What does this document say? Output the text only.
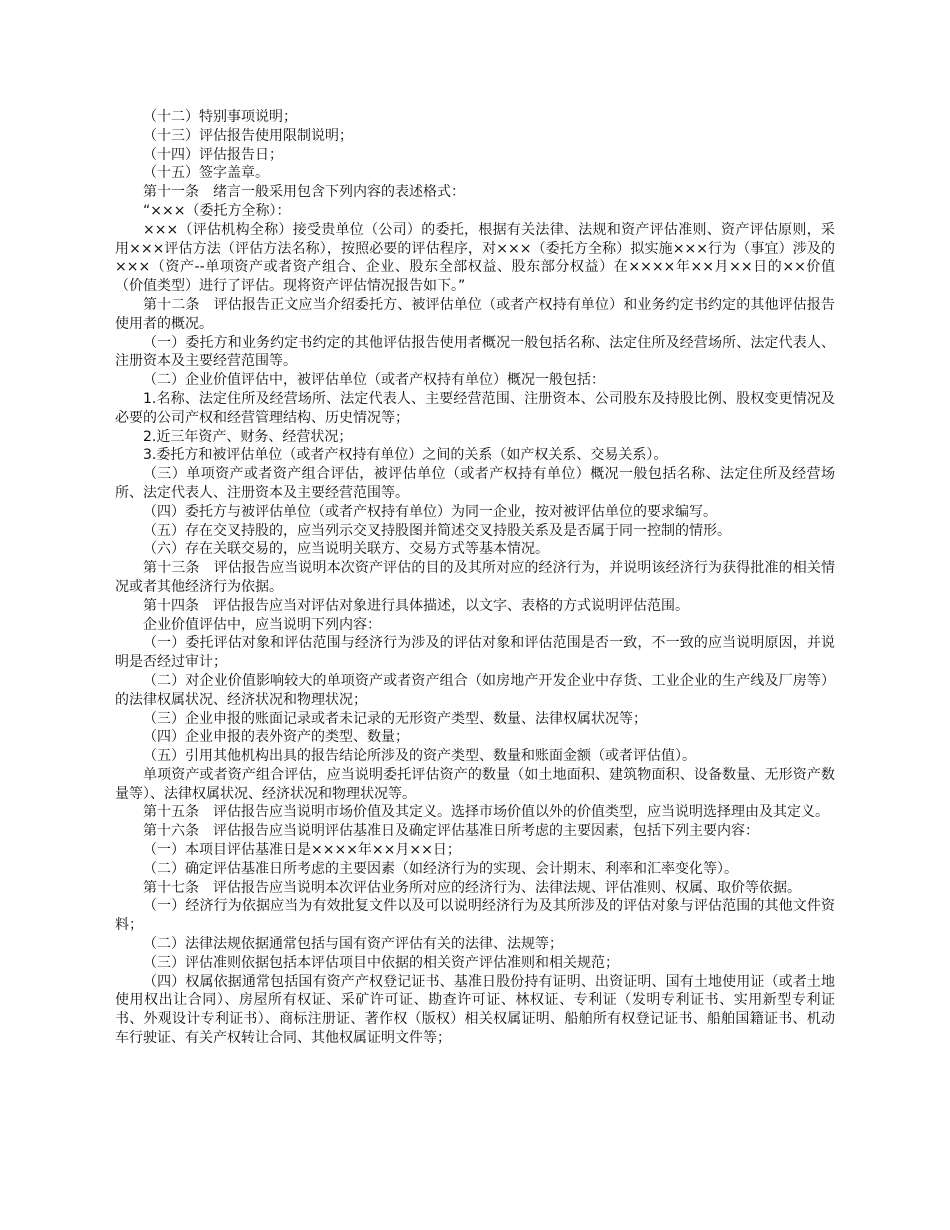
（十二）特别事项说明；

（十三）评估报告使用限制说明；

（十四）评估报告日；

（十五）签字盖章。

第十一条　绪言一般采用包含下列内容的表述格式：

“×××（委托方全称）：

×××（评估机构全称）接受贵单位（公司）的委托，根据有关法律、法规和资产评估准则、资产评估原则，采用×××评估方法（评估方法名称），按照必要的评估程序，对×××（委托方全称）拟实施×××行为（事宜）涉及的×××（资产--单项资产或者资产组合、企业、股东全部权益、股东部分权益）在××××年××月××日的××价值（价值类型）进行了评估。现将资产评估情况报告如下。”

第十二条　评估报告正文应当介绍委托方、被评估单位（或者产权持有单位）和业务约定书约定的其他评估报告使用者的概况。

（一）委托方和业务约定书约定的其他评估报告使用者概况一般包括名称、法定住所及经营场所、法定代表人、注册资本及主要经营范围等。

（二）企业价值评估中，被评估单位（或者产权持有单位）概况一般包括：

1.名称、法定住所及经营场所、法定代表人、主要经营范围、注册资本、公司股东及持股比例、股权变更情况及必要的公司产权和经营管理结构、历史情况等；

2.近三年资产、财务、经营状况；

3.委托方和被评估单位（或者产权持有单位）之间的关系（如产权关系、交易关系）。

（三）单项资产或者资产组合评估，被评估单位（或者产权持有单位）概况一般包括名称、法定住所及经营场所、法定代表人、注册资本及主要经营范围等。

（四）委托方与被评估单位（或者产权持有单位）为同一企业，按对被评估单位的要求编写。

（五）存在交叉持股的，应当列示交叉持股图并简述交叉持股关系及是否属于同一控制的情形。

（六）存在关联交易的，应当说明关联方、交易方式等基本情况。

第十三条　评估报告应当说明本次资产评估的目的及其所对应的经济行为，并说明该经济行为获得批准的相关情况或者其他经济行为依据。

第十四条　评估报告应当对评估对象进行具体描述，以文字、表格的方式说明评估范围。

企业价值评估中，应当说明下列内容：

（一）委托评估对象和评估范围与经济行为涉及的评估对象和评估范围是否一致，不一致的应当说明原因，并说明是否经过审计；

（二）对企业价值影响较大的单项资产或者资产组合（如房地产开发企业中存货、工业企业的生产线及厂房等）的法律权属状况、经济状况和物理状况；

（三）企业申报的账面记录或者未记录的无形资产类型、数量、法律权属状况等；

（四）企业申报的表外资产的类型、数量；

（五）引用其他机构出具的报告结论所涉及的资产类型、数量和账面金额（或者评估值）。

单项资产或者资产组合评估，应当说明委托评估资产的数量（如土地面积、建筑物面积、设备数量、无形资产数量等）、法律权属状况、经济状况和物理状况等。

第十五条　评估报告应当说明市场价值及其定义。选择市场价值以外的价值类型，应当说明选择理由及其定义。

第十六条　评估报告应当说明评估基准日及确定评估基准日所考虑的主要因素，包括下列主要内容：

（一）本项目评估基准日是××××年××月××日；

（二）确定评估基准日所考虑的主要因素（如经济行为的实现、会计期末、利率和汇率变化等）。

第十七条　评估报告应当说明本次评估业务所对应的经济行为、法律法规、评估准则、权属、取价等依据。

（一）经济行为依据应当为有效批复文件以及可以说明经济行为及其所涉及的评估对象与评估范围的其他文件资料；

（二）法律法规依据通常包括与国有资产评估有关的法律、法规等；

（三）评估准则依据包括本评估项目中依据的相关资产评估准则和相关规范；

（四）权属依据通常包括国有资产产权登记证书、基准日股份持有证明、出资证明、国有土地使用证（或者土地使用权出让合同）、房屋所有权证、采矿许可证、勘查许可证、林权证、专利证（发明专利证书、实用新型专利证书、外观设计专利证书）、商标注册证、著作权（版权）相关权属证明、船舶所有权登记证书、船舶国籍证书、机动车行驶证、有关产权转让合同、其他权属证明文件等；
